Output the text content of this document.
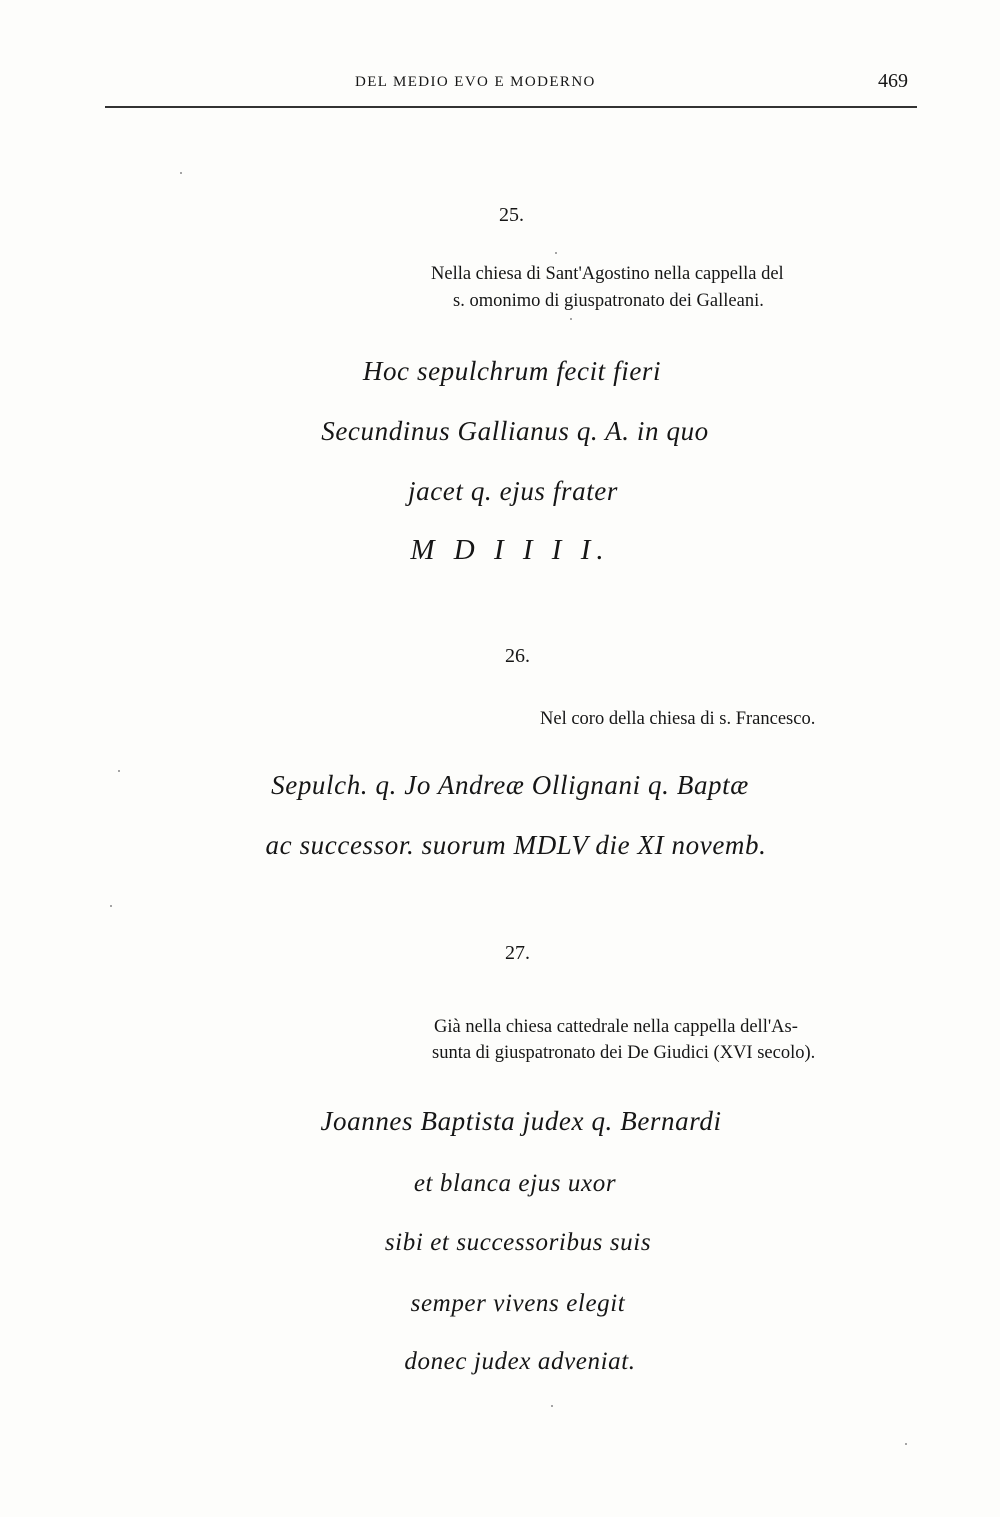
DEL MEDIO EVO E MODERNO	469
25.
Nella chiesa di Sant'Agostino nella cappella del
s. omonimo di giuspatronato dei Galleani.
Hoc sepulchrum fecit fieri
Secundinus Gallianus q. A. in quo
jacet q. ejus frater
M D I I I I.
26.
Nel coro della chiesa di s. Francesco.
Sepulch. q. Jo Andreæ Ollignani q. Baptæ
ac successor. suorum MDLV die XI novemb.
27.
Già nella chiesa cattedrale nella cappella dell'As-
sunta di giuspatronato dei De Giudici (XVI secolo).
Joannes Baptista judex q. Bernardi
et blanca ejus uxor
sibi et successoribus suis
semper vivens elegit
donec judex adveniat.
